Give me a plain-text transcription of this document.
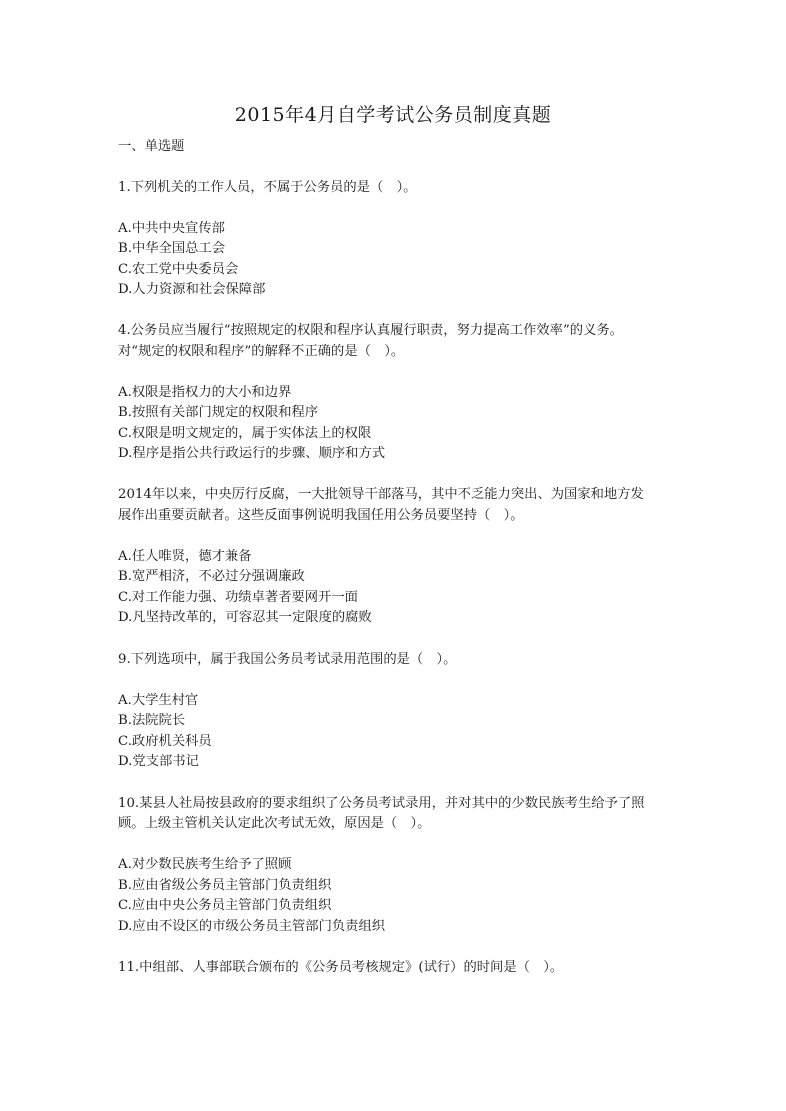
2015年4月自学考试公务员制度真题
一、单选题
1.下列机关的工作人员，不属于公务员的是（　）。
A.中共中央宣传部
B.中华全国总工会
C.农工党中央委员会
D.人力资源和社会保障部
4.公务员应当履行“按照规定的权限和程序认真履行职责，努力提高工作效率”的义务。
对“规定的权限和程序”的解释不正确的是（　）。
A.权限是指权力的大小和边界
B.按照有关部门规定的权限和程序
C.权限是明文规定的，属于实体法上的权限
D.程序是指公共行政运行的步骤、顺序和方式
2014年以来，中央厉行反腐，一大批领导干部落马，其中不乏能力突出、为国家和地方发
展作出重要贡献者。这些反面事例说明我国任用公务员要坚持（　）。
A.任人唯贤，德才兼备
B.宽严相济，不必过分强调廉政
C.对工作能力强、功绩卓著者要网开一面
D.凡坚持改革的，可容忍其一定限度的腐败
9.下列选项中，属于我国公务员考试录用范围的是（　）。
A.大学生村官
B.法院院长
C.政府机关科员
D.党支部书记
10.某县人社局按县政府的要求组织了公务员考试录用，并对其中的少数民族考生给予了照
顾。上级主管机关认定此次考试无效，原因是（　）。
A.对少数民族考生给予了照顾
B.应由省级公务员主管部门负责组织
C.应由中央公务员主管部门负责组织
D.应由不设区的市级公务员主管部门负责组织
11.中组部、人事部联合颁布的《公务员考核规定》(试行）的时间是（　）。
